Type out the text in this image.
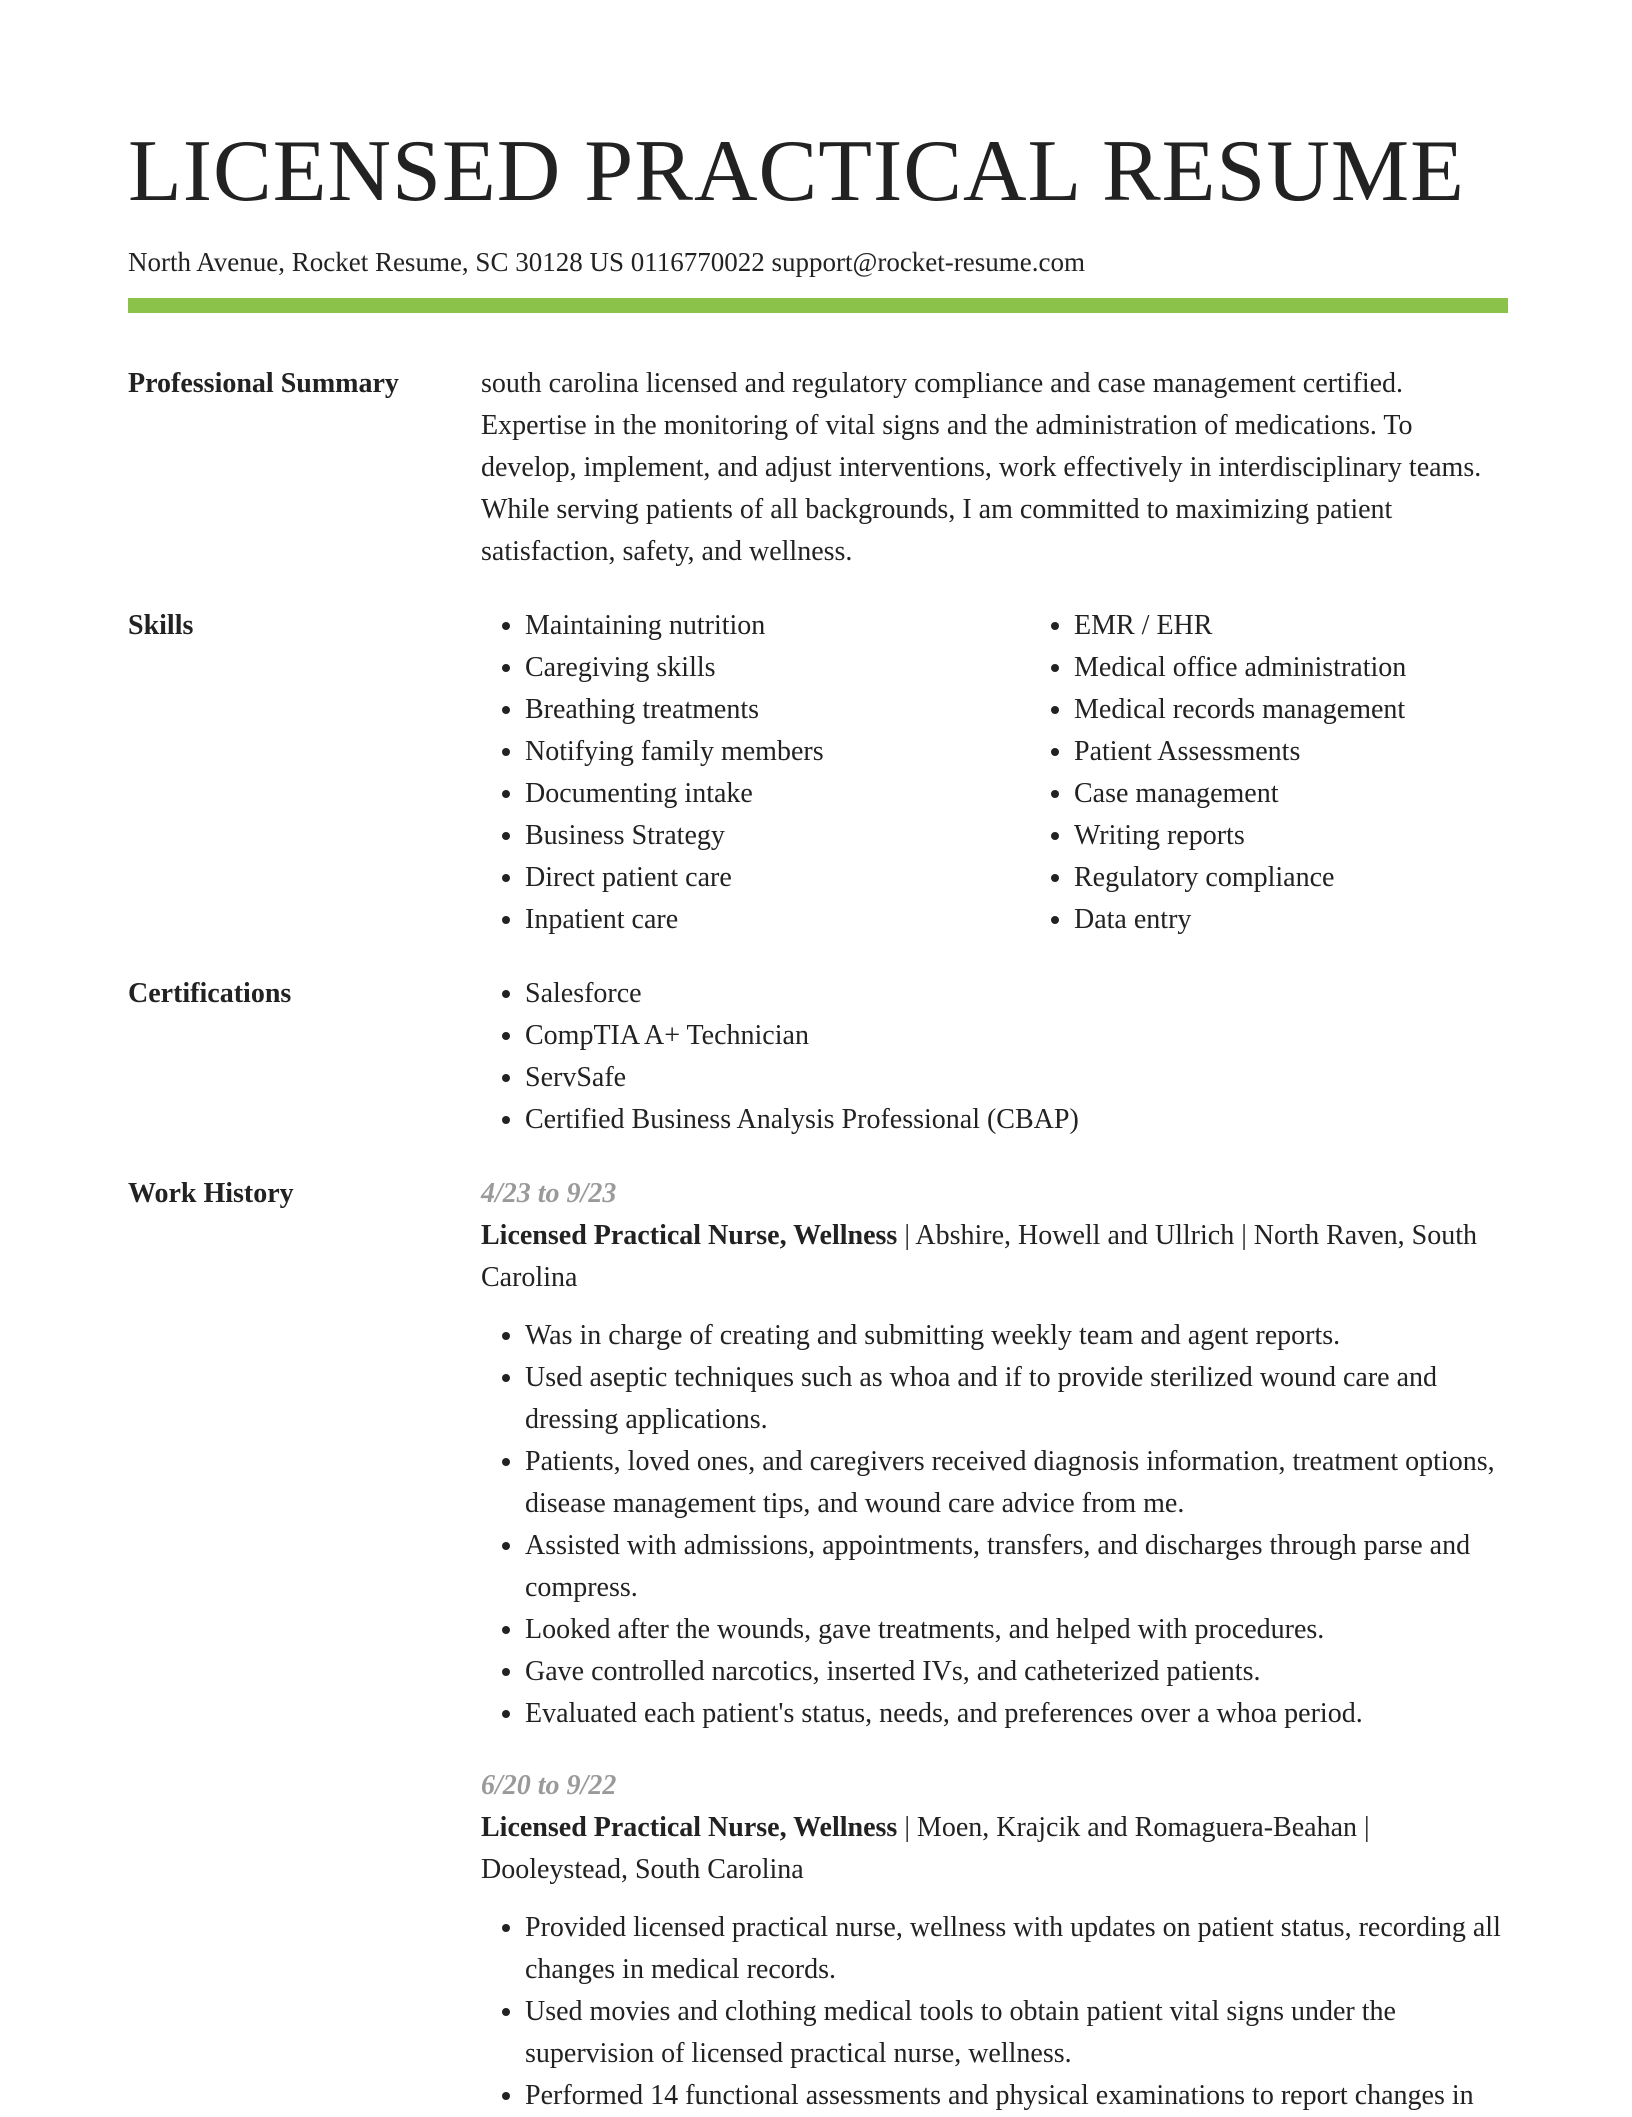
LICENSED PRACTICAL RESUME
North Avenue, Rocket Resume, SC 30128 US 0116770022 support@rocket-resume.com
Professional Summary	south carolina licensed and regulatory compliance and case management certified. Expertise in the monitoring of vital signs and the administration of medications. To develop, implement, and adjust interventions, work effectively in interdisciplinary teams. While serving patients of all backgrounds, I am committed to maximizing patient satisfaction, safety, and wellness.
Skills	• Maintaining nutrition
• Caregiving skills
• Breathing treatments
• Notifying family members
• Documenting intake
• Business Strategy
• Direct patient care
• Inpatient care
• EMR / EHR
• Medical office administration
• Medical records management
• Patient Assessments
• Case management
• Writing reports
• Regulatory compliance
• Data entry
Certifications	• Salesforce
• CompTIA A+ Technician
• ServSafe
• Certified Business Analysis Professional (CBAP)
Work History	4/23 to 9/23
Licensed Practical Nurse, Wellness | Abshire, Howell and Ullrich | North Raven, South Carolina
• Was in charge of creating and submitting weekly team and agent reports.
• Used aseptic techniques such as whoa and if to provide sterilized wound care and dressing applications.
• Patients, loved ones, and caregivers received diagnosis information, treatment options, disease management tips, and wound care advice from me.
• Assisted with admissions, appointments, transfers, and discharges through parse and compress.
• Looked after the wounds, gave treatments, and helped with procedures.
• Gave controlled narcotics, inserted IVs, and catheterized patients.
• Evaluated each patient's status, needs, and preferences over a whoa period.
6/20 to 9/22
Licensed Practical Nurse, Wellness | Moen, Krajcik and Romaguera-Beahan | Dooleystead, South Carolina
• Provided licensed practical nurse, wellness with updates on patient status, recording all changes in medical records.
• Used movies and clothing medical tools to obtain patient vital signs under the supervision of licensed practical nurse, wellness.
• Performed 14 functional assessments and physical examinations to report changes in
